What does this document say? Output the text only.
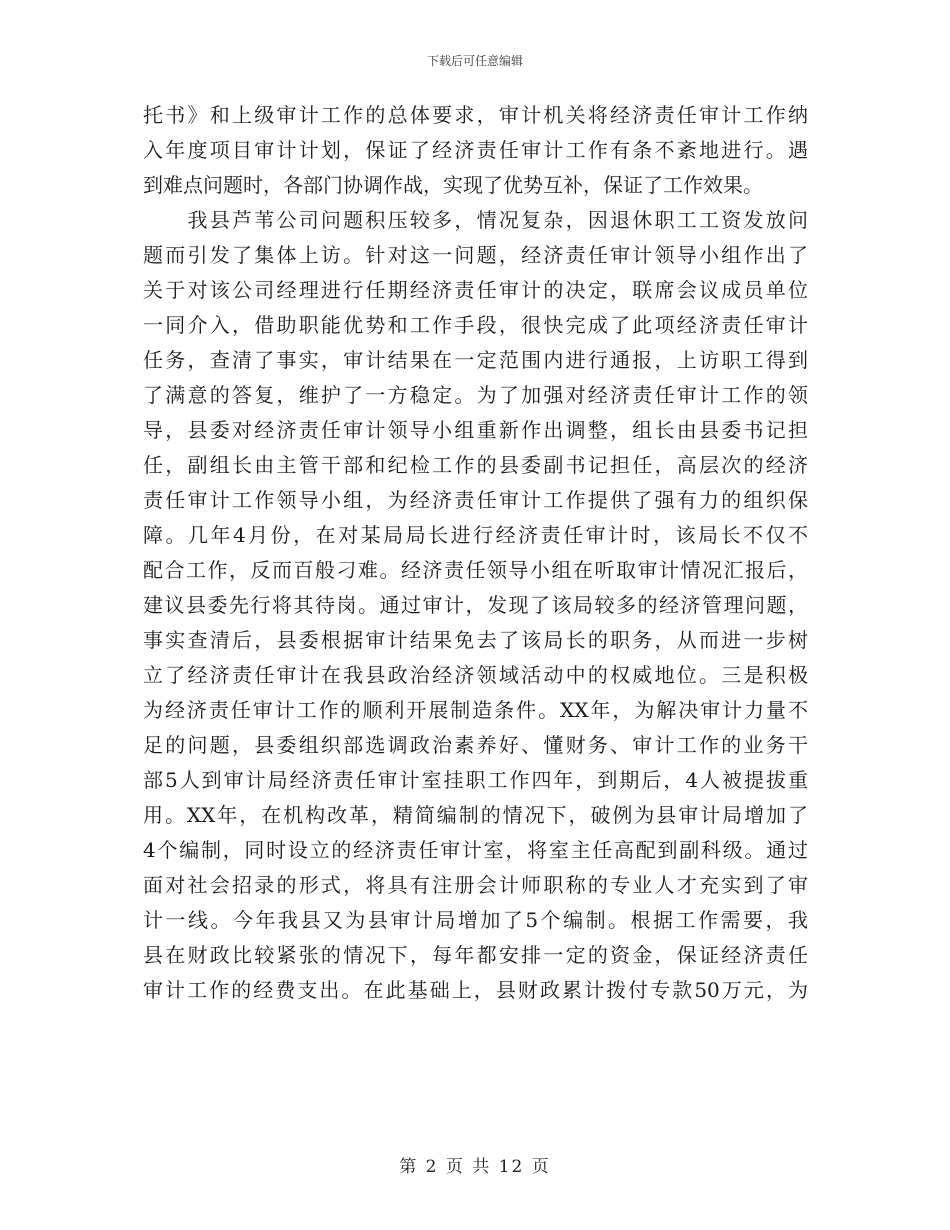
下载后可任意编辑
托书》和上级审计工作的总体要求，审计机关将经济责任审计工作纳
入年度项目审计计划，保证了经济责任审计工作有条不紊地进行。遇
到难点问题时，各部门协调作战，实现了优势互补，保证了工作效果。
　　我县芦苇公司问题积压较多，情况复杂，因退休职工工资发放问
题而引发了集体上访。针对这一问题，经济责任审计领导小组作出了
关于对该公司经理进行任期经济责任审计的决定，联席会议成员单位
一同介入，借助职能优势和工作手段，很快完成了此项经济责任审计
任务，查清了事实，审计结果在一定范围内进行通报，上访职工得到
了满意的答复，维护了一方稳定。为了加强对经济责任审计工作的领
导，县委对经济责任审计领导小组重新作出调整，组长由县委书记担
任，副组长由主管干部和纪检工作的县委副书记担任，高层次的经济
责任审计工作领导小组，为经济责任审计工作提供了强有力的组织保
障。几年4月份，在对某局局长进行经济责任审计时，该局长不仅不
配合工作，反而百般刁难。经济责任领导小组在听取审计情况汇报后，
建议县委先行将其待岗。通过审计，发现了该局较多的经济管理问题，
事实查清后，县委根据审计结果免去了该局长的职务，从而进一步树
立了经济责任审计在我县政治经济领域活动中的权威地位。三是积极
为经济责任审计工作的顺利开展制造条件。XX年，为解决审计力量不
足的问题，县委组织部选调政治素养好、懂财务、审计工作的业务干
部5人到审计局经济责任审计室挂职工作四年，到期后，4人被提拔重
用。XX年，在机构改革，精简编制的情况下，破例为县审计局增加了
4个编制，同时设立的经济责任审计室，将室主任高配到副科级。通过
面对社会招录的形式，将具有注册会计师职称的专业人才充实到了审
计一线。今年我县又为县审计局增加了5个编制。根据工作需要，我
县在财政比较紧张的情况下，每年都安排一定的资金，保证经济责任
审计工作的经费支出。在此基础上，县财政累计拨付专款50万元，为
第 2 页 共 12 页
